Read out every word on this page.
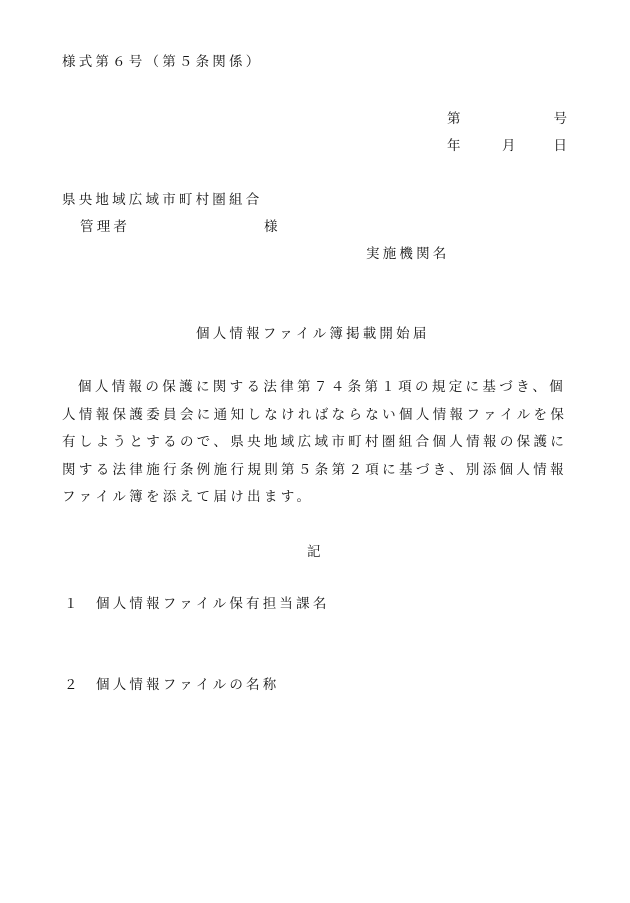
様式第６号（第５条関係）
第	号
年	月	日
県央地域広域市町村圏組合
管理者	様
実施機関名
個人情報ファイル簿掲載開始届
個人情報の保護に関する法律第７４条第１項の規定に基づき、個人情報保護委員会に通知しなければならない個人情報ファイルを保有しようとするので、県央地域広域市町村圏組合個人情報の保護に関する法律施行条例施行規則第５条第２項に基づき、別添個人情報ファイル簿を添えて届け出ます。
記
１ 個人情報ファイル保有担当課名
２ 個人情報ファイルの名称
